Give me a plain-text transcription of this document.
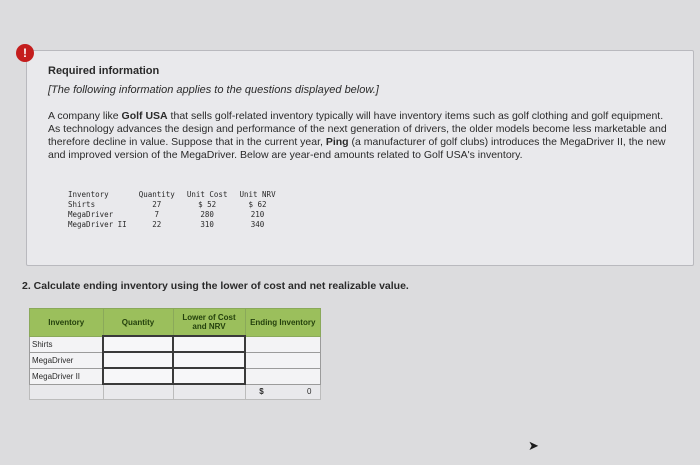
!
Required information
[The following information applies to the questions displayed below.]
A company like Golf USA that sells golf-related inventory typically will have inventory items such as golf clothing and golf equipment. As technology advances the design and performance of the next generation of drivers, the older models become less marketable and therefore decline in value. Suppose that in the current year, Ping (a manufacturer of golf clubs) introduces the MegaDriver II, the new and improved version of the MegaDriver. Below are year-end amounts related to Golf USA's inventory.
Inventory	Quantity	Unit Cost	Unit NRV
Shirts	27	$ 52	$ 62
MegaDriver	7	280	210
MegaDriver II	22	310	340
2. Calculate ending inventory using the lower of cost and net realizable value.
Inventory	Quantity	Lower of Cost and NRV	Ending Inventory
Shirts			
MegaDriver			
MegaDriver II			
			$ 0
➤
